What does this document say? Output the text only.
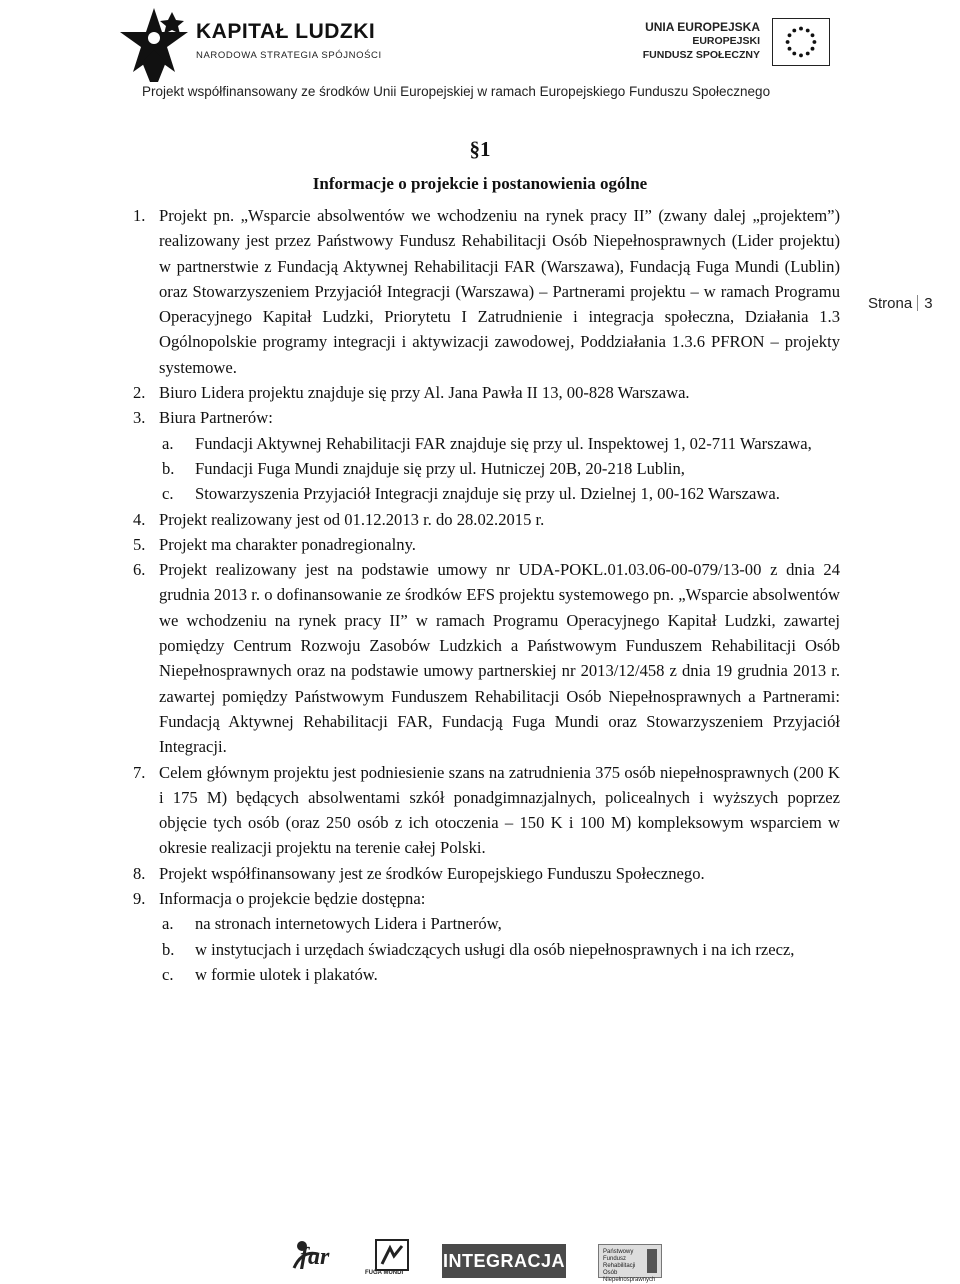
KAPITAŁ LUDZKI
NARODOWA STRATEGIA SPÓJNOŚCI
UNIA EUROPEJSKA
EUROPEJSKI
FUNDUSZ SPOŁECZNY
Projekt współfinansowany ze środków Unii Europejskiej w ramach Europejskiego Funduszu Społecznego
Strona 3
§1
Informacje o projekcie i postanowienia ogólne
1. Projekt pn. „Wsparcie absolwentów we wchodzeniu na rynek pracy II” (zwany dalej „projektem”) realizowany jest przez Państwowy Fundusz Rehabilitacji Osób Niepełnosprawnych (Lider projektu) w partnerstwie z Fundacją Aktywnej Rehabilitacji FAR (Warszawa), Fundacją Fuga Mundi (Lublin) oraz Stowarzyszeniem Przyjaciół Integracji (Warszawa) – Partnerami projektu – w ramach Programu Operacyjnego Kapitał Ludzki, Priorytetu I Zatrudnienie i integracja społeczna, Działania 1.3 Ogólnopolskie programy integracji i aktywizacji zawodowej, Poddziałania 1.3.6 PFRON – projekty systemowe.
2. Biuro Lidera projektu znajduje się przy Al. Jana Pawła II 13, 00-828 Warszawa.
3. Biura Partnerów:
a. Fundacji Aktywnej Rehabilitacji FAR znajduje się przy ul. Inspektowej 1, 02-711 Warszawa,
b. Fundacji Fuga Mundi znajduje się przy ul. Hutniczej 20B, 20-218 Lublin,
c. Stowarzyszenia Przyjaciół Integracji znajduje się przy ul. Dzielnej 1, 00-162 Warszawa.
4. Projekt realizowany jest od 01.12.2013 r. do 28.02.2015 r.
5. Projekt ma charakter ponadregionalny.
6. Projekt realizowany jest na podstawie umowy nr UDA-POKL.01.03.06-00-079/13-00 z dnia 24 grudnia 2013 r. o dofinansowanie ze środków EFS projektu systemowego pn. „Wsparcie absolwentów we wchodzeniu na rynek pracy II” w ramach Programu Operacyjnego Kapitał Ludzki, zawartej pomiędzy Centrum Rozwoju Zasobów Ludzkich a Państwowym Funduszem Rehabilitacji Osób Niepełnosprawnych oraz na podstawie umowy partnerskiej nr 2013/12/458 z dnia 19 grudnia 2013 r. zawartej pomiędzy Państwowym Funduszem Rehabilitacji Osób Niepełnosprawnych a Partnerami: Fundacją Aktywnej Rehabilitacji FAR, Fundacją Fuga Mundi oraz Stowarzyszeniem Przyjaciół Integracji.
7. Celem głównym projektu jest podniesienie szans na zatrudnienia 375 osób niepełnosprawnych (200 K i 175 M) będących absolwentami szkół ponadgimnazjalnych, policealnych i wyższych poprzez objęcie tych osób (oraz 250 osób z ich otoczenia – 150 K i 100 M) kompleksowym wsparciem w okresie realizacji projektu na terenie całej Polski.
8. Projekt współfinansowany jest ze środków Europejskiego Funduszu Społecznego.
9. Informacja o projekcie będzie dostępna:
a. na stronach internetowych Lidera i Partnerów,
b. w instytucjach i urzędach świadczących usługi dla osób niepełnosprawnych i na ich rzecz,
c. w formie ulotek i plakatów.
far
FUGA MUNDI
INTEGRACJA	Państwowy Fundusz Rehabilitacji Osób Niepełnosprawnych
